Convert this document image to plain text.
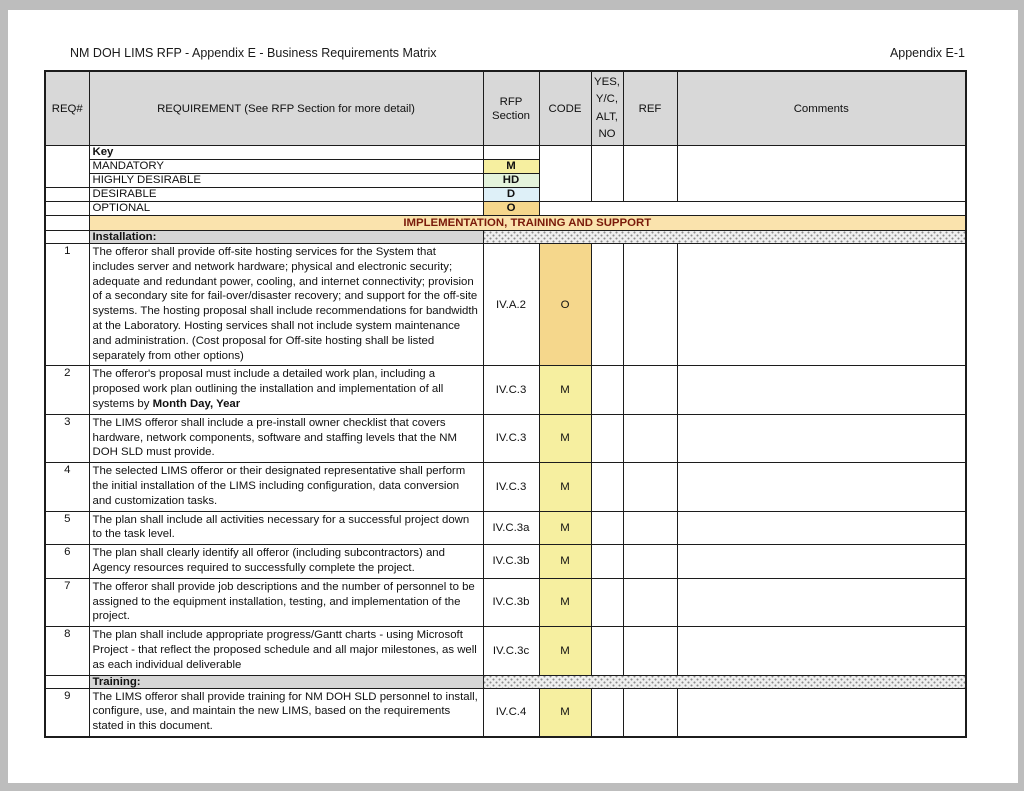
NM DOH LIMS RFP - Appendix E - Business Requirements Matrix	Appendix E-1
REQ#	REQUIREMENT (See RFP Section for more detail)	RFP Section	CODE	YES, Y/C, ALT, NO	REF	Comments
	Key					
	MANDATORY	M				
	HIGHLY DESIRABLE	HD				
	DESIRABLE	D				
	OPTIONAL	O				
	IMPLEMENTATION, TRAINING AND SUPPORT					
	Installation:					
1	The offeror shall provide off-site hosting services for the System that includes server and network hardware; physical and electronic security; adequate and redundant power, cooling, and internet connectivity; provision of a secondary site for fail-over/disaster recovery; and support for the off-site systems. The hosting proposal shall include recommendations for bandwidth at the Laboratory. Hosting services shall not include system maintenance and administration. (Cost proposal for Off-site hosting shall be listed separately from other options)	IV.A.2	O			
2	The offeror's proposal must include a detailed work plan, including a proposed work plan outlining the installation and implementation of all systems by Month Day, Year	IV.C.3	M			
3	The LIMS offeror shall include a pre-install owner checklist that covers hardware, network components, software and staffing levels that the NM DOH SLD must provide.	IV.C.3	M			
4	The selected LIMS offeror or their designated representative shall perform the initial installation of the LIMS including configuration, data conversion and customization tasks.	IV.C.3	M			
5	The plan shall include all activities necessary for a successful project down to the task level.	IV.C.3a	M			
6	The plan shall clearly identify all offeror (including subcontractors) and Agency resources required to successfully complete the project.	IV.C.3b	M			
7	The offeror shall provide job descriptions and the number of personnel to be assigned to the equipment installation, testing, and implementation of the project.	IV.C.3b	M			
8	The plan shall include appropriate progress/Gantt charts - using Microsoft Project - that reflect the proposed schedule and all major milestones, as well as each individual deliverable	IV.C.3c	M			
	Training:					
9	The LIMS offeror shall provide training for NM DOH SLD personnel to install, configure, use, and maintain the new LIMS, based on the requirements stated in this document.	IV.C.4	M			
